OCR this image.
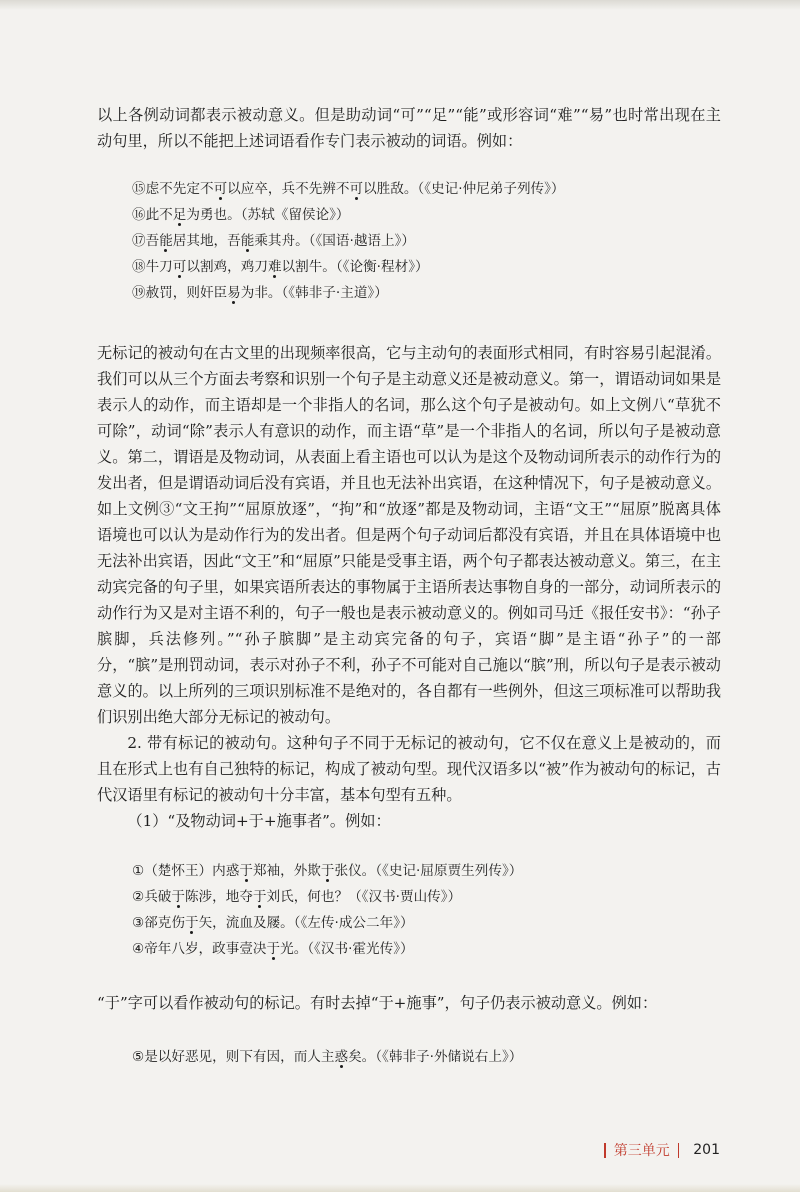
以上各例动词都表示被动意义。但是助动词“可”“足”“能”或形容词“难”“易”也时常出现在主动句里，所以不能把上述词语看作专门表示被动的词语。例如：

⑮虑不先定不可以应卒，兵不先辨不可以胜敌。（《史记·仲尼弟子列传》）
⑯此不足为勇也。（苏轼《留侯论》）
⑰吾能居其地，吾能乘其舟。（《国语·越语上》）
⑱牛刀可以割鸡，鸡刀难以割牛。（《论衡·程材》）
⑲赦罚，则奸臣易为非。（《韩非子·主道》）

无标记的被动句在古文里的出现频率很高，它与主动句的表面形式相同，有时容易引起混淆。我们可以从三个方面去考察和识别一个句子是主动意义还是被动意义。第一，谓语动词如果是表示人的动作，而主语却是一个非指人的名词，那么这个句子是被动句。如上文例八“草犹不可除”，动词“除”表示人有意识的动作，而主语“草”是一个非指人的名词，所以句子是被动意义。第二，谓语是及物动词，从表面上看主语也可以认为是这个及物动词所表示的动作行为的发出者，但是谓语动词后没有宾语，并且也无法补出宾语，在这种情况下，句子是被动意义。如上文例③“文王拘”“屈原放逐”，“拘”和“放逐”都是及物动词，主语“文王”“屈原”脱离具体语境也可以认为是动作行为的发出者。但是两个句子动词后都没有宾语，并且在具体语境中也无法补出宾语，因此“文王”和“屈原”只能是受事主语，两个句子都表达被动意义。第三，在主动宾完备的句子里，如果宾语所表达的事物属于主语所表达事物自身的一部分，动词所表示的动作行为又是对主语不利的，句子一般也是表示被动意义的。例如司马迁《报任安书》：“孙子膑脚，兵法修列。”“孙子膑脚”是主动宾完备的句子，宾语“脚”是主语“孙子”的一部分，“膑”是刑罚动词，表示对孙子不利，孙子不可能对自己施以“膑”刑，所以句子是表示被动意义的。以上所列的三项识别标准不是绝对的，各自都有一些例外，但这三项标准可以帮助我们识别出绝大部分无标记的被动句。

2. 带有标记的被动句。这种句子不同于无标记的被动句，它不仅在意义上是被动的，而且在形式上也有自己独特的标记，构成了被动句型。现代汉语多以“被”作为被动句的标记，古代汉语里有标记的被动句十分丰富，基本句型有五种。

（1）“及物动词+于+施事者”。例如：

①（楚怀王）内惑于郑袖，外欺于张仪。（《史记·屈原贾生列传》）
②兵破于陈涉，地夺于刘氏，何也？（《汉书·贾山传》）
③郤克伤于矢，流血及屦。（《左传·成公二年》）
④帝年八岁，政事壹决于光。（《汉书·霍光传》）

“于”字可以看作被动句的标记。有时去掉“于+施事”，句子仍表示被动意义。例如：

⑤是以好恶见，则下有因，而人主惑矣。（《韩非子·外储说右上》）
第三单元 201
